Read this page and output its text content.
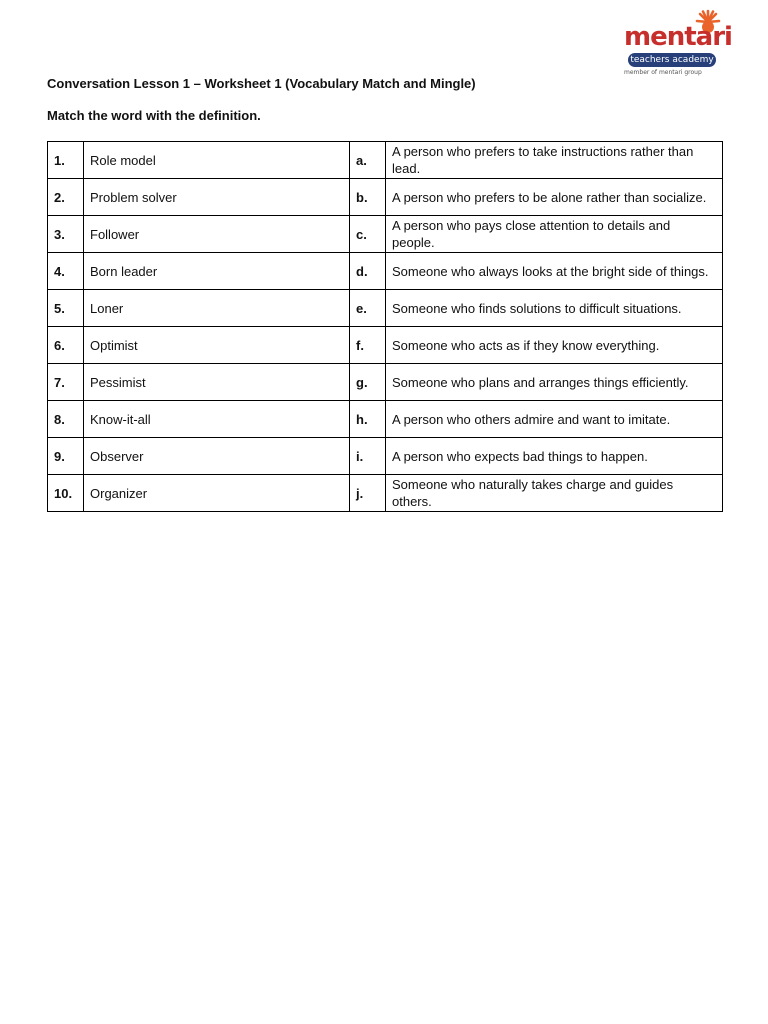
mentari
teachers academy
member of mentari group
Conversation Lesson 1 – Worksheet 1 (Vocabulary Match and Mingle)
Match the word with the definition.
1.	Role model	a.	A person who prefers to take instructions rather than lead.
2.	Problem solver	b.	A person who prefers to be alone rather than socialize.
3.	Follower	c.	A person who pays close attention to details and people.
4.	Born leader	d.	Someone who always looks at the bright side of things.
5.	Loner	e.	Someone who finds solutions to difficult situations.
6.	Optimist	f.	Someone who acts as if they know everything.
7.	Pessimist	g.	Someone who plans and arranges things efficiently.
8.	Know-it-all	h.	A person who others admire and want to imitate.
9.	Observer	i.	A person who expects bad things to happen.
10.	Organizer	j.	Someone who naturally takes charge and guides others.
